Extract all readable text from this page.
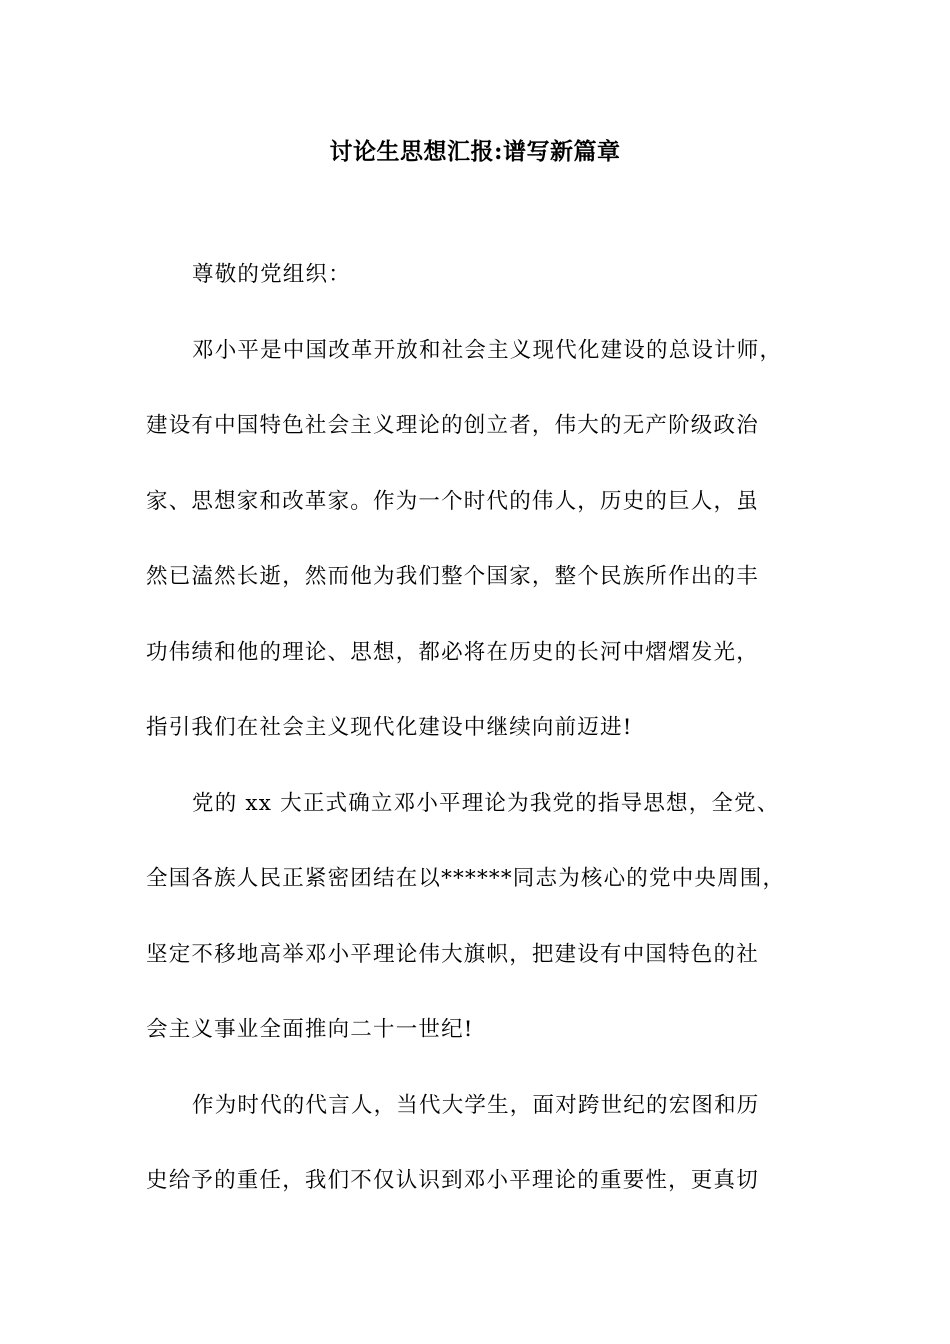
讨论生思想汇报:谱写新篇章
尊敬的党组织：
邓小平是中国改革开放和社会主义现代化建设的总设计师，
建设有中国特色社会主义理论的创立者，伟大的无产阶级政治
家、思想家和改革家。作为一个时代的伟人，历史的巨人，虽
然已溘然长逝，然而他为我们整个国家，整个民族所作出的丰
功伟绩和他的理论、思想，都必将在历史的长河中熠熠发光，
指引我们在社会主义现代化建设中继续向前迈进!
党的 xx 大正式确立邓小平理论为我党的指导思想，全党、
全国各族人民正紧密团结在以******同志为核心的党中央周围，
坚定不移地高举邓小平理论伟大旗帜，把建设有中国特色的社
会主义事业全面推向二十一世纪!
作为时代的代言人，当代大学生，面对跨世纪的宏图和历
史给予的重任，我们不仅认识到邓小平理论的重要性，更真切
